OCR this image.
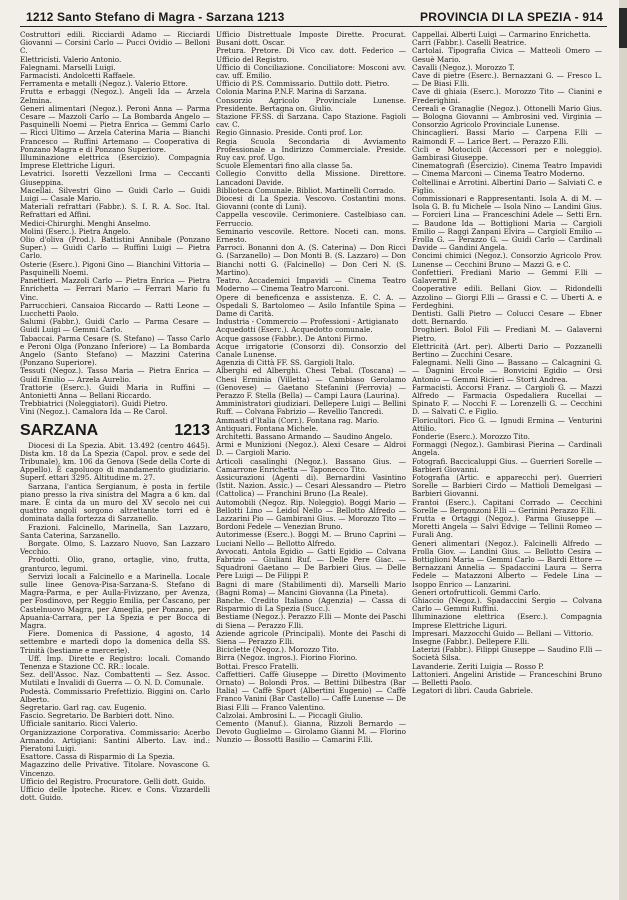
1212 Santo Stefano di Magra - Sarzana 1213	PROVINCIA DI LA SPEZIA - 914

Costruttori edili. Ricciardi Adamo — Ricciardi Giovanni — Corsini Carlo — Pucci Ovidio — Belloni C.

Elettricisti. Valerio Antonio.

Falegnami. Marselli Luigi.

Farmacisti. Andolcetti Raffaele.

Ferramenta e metalli (Negoz.). Valerio Ettore.

Frutta e erbaggi (Negoz.). Angeli Ida — Arzela Zelmina.

Generi alimentari (Negoz.). Peroni Anna — Parma Cesare — Mazzoli Carlo — La Bombarda Angelo — Pasquinelli Noemi — Pietra Enrica — Gemmi Carlo — Ricci Ultimo — Arzela Caterina Maria — Bianchi Francesco — Ruffini Artemano — Cooperativa di Ponzano Magra e di Ponzano Superiore.

Illuminazione elettrica (Esercizio). Compagnia Imprese Elettriche Liguri.

Levatrici. Isoretti Vezzelloni Irma — Ceccanti Giuseppina.

Macellai. Silvestri Gino — Guidi Carlo — Guidi Luigi — Casale Mario.

Materiali refrattari (Fabbr.). S. I. R. A. Soc. Ital. Refrattari ed Affini.

Medici-Chirurghi. Menghi Anselmo.

Molini (Eserc.). Pietra Angelo.

Olio d'oliva (Prod.). Battistini Annibale (Ponzano Super.) — Guidi Carlo — Ruffini Luigi — Pietra Carlo.

Osterie (Eserc.). Pigoni Gino — Bianchini Vittoria — Pasquinelli Noemi.

Panettieri. Mazzoli Carlo — Pietra Enrica — Pietra Enrichetta — Ferrari Mario — Ferrari Mario fu Vinc.

Parrucchieri. Cansaioa Riccardo — Ratti Leone — Lucchetti Paolo.

Salumi (Fabbr.). Guidi Carlo — Parma Cesare — Guidi Luigi — Gemmi Carlo.

Tabaccai. Parma Cesare (S. Stefano) — Tasso Carlo e Peroni Olga (Ponzano Inferiore) — La Bombarda Angelo (Santo Stefano) — Mazzini Caterina (Ponzano Superiore).

Tessuti (Negoz.). Tasso Maria — Pietra Enrica — Guidi Emilio — Arzela Aurelio.

Trattorie (Eserc.). Guidi Maria in Ruffini — Antonietti Anna — Bellani Riccardo.

Trebbiatrici (Noleggiatori). Guidi Pietro.

Vini (Negoz.). Camalora Ida — Re Carol.

SARZANA	1213

Diocesi di La Spezia. Abit. 13.492 (centro 4645). Dista km. 18 da La Spezia (Capol. prov. e sede del Tribunale), km. 106 da Genova (Sede della Corte di Appello). È capoluogo di mandamento giudiziario. Superf. ettari 3295. Altitudine m. 27.

Sarzana, l'antica Sergianum, è posta in fertile piano presso la riva sinistra del Magra a 6 km. dal mare. È cinta da un muro del XV secolo nei cui quattro angoli sorgono altrettante torri ed è dominata dalla fortezza di Sarzanello.

Frazioni. Falcinello, Marinella, San Lazzaro, Santa Caterina, Sarzanello.

Borgate. Olmo, S. Lazzaro Nuovo, San Lazzaro Vecchio.

Prodotti. Olio, grano, ortaglie, vino, frutta, granturco, legumi.

Servizi locali a Falcinello e a Marinella. Locale sulle linee Genova-Pisa-Sarzana-S. Stefano di Magra-Parma, e per Aulla-Fivizzano, per Avenza, per Fosdinovo, per Reggio Emilia, per Cascano, per Castelnuovo Magra, per Ameglia, per Ponzano, per Apuania-Carrara, per La Spezia e per Bocca di Magra.

Fiere. Domenica di Passione, 4 agosto, 14 settembre e martedì dopo la domenica della SS. Trinità (bestiame e mercerie).

Uff. Imp. Dirette e Registro: locali. Comando Tenenza e Stazione CC. RR.: locale.

Sez. dell'Assoc. Naz. Combattenti — Sez. Assoc. Mutilati e Invalidi di Guerra — O. N. D. Comunale.

Podestà. Commissario Prefettizio. Biggini on. Carlo Alberto.

Segretario. Garl rag. cav. Eugenio.

Fascio. Segretario. De Barbieri dott. Nino.

Ufficiale sanitario. Ricci Valerio.

Organizzazione Corporativa. Commissario: Acerbo Armando. Artigiani: Santini Alberto. Lav. ind.: Pieratoni Luigi.

Esattore. Cassa di Risparmio di La Spezia.

Magazzino delle Privative. Titolare. Novascone G. Vincenzo.

Ufficio del Registro. Procuratore. Gelli dott. Guido.

Ufficio delle Ipoteche. Ricev. e Cons. Vizzardelli dott. Guido.

Ufficio Distrettuale Imposte Dirette. Procurat. Busani dott. Oscar.

Pretura. Pretore. Di Vico cav. dott. Federico — Ufficio del Registro.

Ufficio di Conciliazione. Conciliatore: Mosconi avv. cav. uff. Emilio.

Ufficio di P.S. Commissario. Duttilo dott. Pietro.

Colonia Marina P.N.F. Marina di Sarzana.

Consorzio Agricolo Provinciale Lunense. Presidente. Bertagna on. Giulio.

Stazione FF.SS. di Sarzana. Capo Stazione. Fagioli cav. C.

Regio Ginnasio. Preside. Conti prof. Lor.

Regia Scuola Secondaria di Avviamento Professionale a Indirizzo Commerciale. Preside. Ruy cav. prof. Ugo.

Scuole Elementari fino alla classe 5a.

Collegio Convitto della Missione. Direttore. Lancadoni Davide.

Biblioteca Comunale. Bibliot. Martinelli Corrado.

Diocesi di La Spezia. Vescovo. Costantini mons. Giovanni (conte di Luni).

Cappella vescovile. Cerimoniere. Castelbiaso can. Ferruccio.

Seminario vescovile. Rettore. Noceti can. mons. Ernesto.

Parroci. Bonanni don A. (S. Caterina) — Don Ricci G. (Sarzanello) — Don Monti B. (S. Lazzaro) — Don Bianchi notti G. (Falcinello) — Don Ceri N. (S. Martino).

Teatro. Accademici Impavidi — Cinema Teatro Moderno — Cinema Teatro Marconi.

Opere di beneficenza e assistenza. E. C. A. — Ospedali S. Bartolomeo — Asilo Infantile Spina — Dame di Carità.

Industria - Commercio — Professioni - Artigianato

Acquedotti (Eserc.). Acquedotto comunale.

Acque gassose (Fabbr.). De Antoni Firmo.

Acque irrigatorie (Consorzi di). Consorzio del Canale Lunense.

Agenzia di Città FF. SS. Gargioli Italo.

Alberghi ed Alberghi. Chesi Tebal. (Toscana) — Chesi Erminia (Villetta) — Cambiaso Gerolamo (Genovese) — Gaetano Stefanini (Ferrovia) — Perazzo F. Stella (Bella) — Campi Laura (Laurina).

Amministratori giudiziari. Dellepere Luigi — Bellini Ruff. — Colvana Fabrizio — Revellio Tancredi.

Ammasti d'Italia (Corr.). Fontana rag. Mario.

Antiquari. Fontana Michele.

Architetti. Bassano Armando — Saudino Angelo.

Armi e Munizioni (Negoz.). Alexi Cesare — Aldroi D. — Cargioli Mario.

Articoli casalinghi (Negoz.). Bassano Gius. — Camarrone Enrichetta — Taponecco Tito.

Assicurazioni (Agenti di). Bernardini Vasintino (Istit. Nazion. Assic.) — Cesari Alessandro — Pietro (Cattolica) — Franchini Bruno (La Reale).

Automobili (Negoz. Rip. Noleggio). Boggi Mario — Bellotti Lino — Leidol Nello — Bellotto Alfredo — Lazzarini Pio — Gambirani Gius. — Morozzo Tito — Bordoni Fedele — Venezian Bruno.

Autorimesse (Eserc.). Boggi M. — Bruno Caprini — Luciani Nello — Bellotto Alfredo.

Avvocati. Antola Egidio — Gatti Egidio — Colvana Fabrizio — Giuliani Ruf. — Delle Pere Giac. — Squadroni Gaetano — De Barbieri Gius. — Delle Pere Luigi — De Filippi P.

Bagni di mare (Stabilimenti di). Marselli Mario (Bagni Roma) — Mancini Giovanna (La Pineta).

Banche. Credito Italiano (Agenzia) — Cassa di Risparmio di La Spezia (Succ.).

Bestiame (Negoz.). Perazzo F.lli — Monte dei Paschi di Siena — Perazzo F.lli.

Aziende agricole (Principali). Monte dei Paschi di Siena — Perazzo F.lli.

Biciclette (Negoz.). Morozzo Tito.

Birra (Negoz. ingros.). Fiorino Fiorino.

Bottai. Fresco Fratelli.

Caffettieri. Caffè Giuseppe — Diretto (Movimento Ornato) — Bolondi Pros. — Bettini Dilbestra (Bar Italia) — Caffè Sport (Albertini Eugenio) — Caffè Franco Vanini (Bar Castello) — Caffè Lunense — De Biasi F.lli — Franco Valentino.

Calzolai. Ambrosini L. — Piccagli Giulio.

Cemento (Manuf.). Gianna, Rizzoli Bernardo — Devoto Guglielmo — Girolamo Gianni M. — Florino Nunzio — Bossotti Basilio — Camarini F.lli.

Cappellai. Alberti Luigi — Carmarino Enrichetta.

Carri (Fabbr.). Caselli Beatrice.

Cartolai. Tipografia Civica — Matteoli Omero — Gesuè Mario.

Cavalli (Negoz.). Morozzo T.

Cave di pietre (Eserc.). Bernazzani G. — Fresco L. — De Biasi F.lli.

Cave di ghiaia (Eserc.). Morozzo Tito — Cianini e Frederighini.

Cereali e Granaglie (Negoz.). Ottonelli Mario Gius. — Bologna Giovanni — Ambrosini ved. Virginia — Consorzio Agricolo Provinciale Lunense.

Chincaglieri. Bassi Mario — Carpena F.lli — Raimondi F. — Larice Bert. — Perazzo F.lli.

Cicli e Motocicli (Accessori per e noleggio). Gambirasi Giuseppe.

Cinematografi (Esercizio). Cinema Teatro Impavidi — Cinema Marconi — Cinema Teatro Moderno.

Coltellinai e Arrotini. Albertini Dario — Salviati C. e Figlio.

Commissionari e Rappresentanti. Isola A. di M. — Isola G. B. fu Michele — Isola Nino — Landini Gius. — Forcieri Lina — Franceschini Adele — Setti Ern. — Baudone Ida — Bottiglioni Maria — Cargioli Emilio — Raggi Zanpani Elvira — Cargioli Emilio — Frolla G. — Perazzo G. — Guidi Carlo — Cardinali Davide — Gandini Angela.

Concimi chimici (Negoz.). Consorzio Agricolo Prov. Lunense — Cecchini Bruno — Mazzi G. e C.

Confettieri. Fredianì Mario — Gemmi F.lli — Galavermi P.

Cooperative edili. Bellani Giov. — Ridondelli Azzolino — Giorgi F.lli — Grassi e C. — Uberti A. e Ferdeghini.

Dentisti. Galli Pietro — Colucci Cesare — Ebner dott. Bernardo.

Droghieri. Bolol Fili — Fredianì M. — Galaverni Pietro.

Elettricità (Art. per). Alberti Dario — Pozzanelli Bertino — Zucchini Cesare.

Falegnami. Nelli Gino — Bassano — Calcagnini G. — Dagnini Ercole — Bonvicini Egidio — Orsi Antonio — Gemmi Ricieri — Storti Andrea.

Farmacisti. Accorsi Franz. — Cargioli G. — Mazzi Alfredo — Farmacia Ospedaliera Rucellai — Spinato F. — Nocchi F. — Lorenzelli G. — Cecchini D. — Salvati C. e Figlio.

Floricultori. Fico G. — Ignudi Ermina — Venturini Attilio.

Fonderie (Eserc.). Morozzo Tito.

Formaggi (Negoz.). Gambirasi Pierina — Cardinali Angela.

Fotografi. Baccicaluppi Gius. — Guerrieri Sorelle — Barbieri Giovanni.

Fotografia (Artic. e apparecchi per). Guerrieri Sorelle — Barbieri Cirdo — Mattioli Demelgasi — Barbieri Giovanni.

Frantoi (Eserc.). Capitani Corrado — Cecchini Sorelle — Bergonzoni F.lli — Gerinini Perazzo F.lli.

Frutta e Ortaggi (Negoz.). Parma Giuseppe — Moretti Angela — Salvi Edvige — Tellinii Romeo — Furali Ang.

Generi alimentari (Negoz.). Falcinelli Alfredo — Frolla Giov. — Landini Gius. — Bellotto Cesira — Bottiglioni Maria — Gemmi Carlo — Bardi Ettore — Bernazzani Annelia — Spadaccini Laura — Serra Fedele — Matazzoni Alberto — Fedele Lina — Isoppo Enrico — Lanzarini.

Generi ortofrutticoli. Gemmi Carlo.

Ghiaccio (Negoz.). Spadaccini Sergio — Colvana Carlo — Gemmi Ruffini.

Illuminazione elettrica (Eserc.). Compagnia Imprese Elettriche Liguri.

Impresari. Mazzocchi Guido — Bellani — Vittorio.

Insegne (Fabbr.). Dellepere F.lli.

Laterizi (Fabbr.). Filippi Giuseppe — Saudino F.lli — Società Silsa.

Lavanderie. Zeriti Luigia — Rosso P.

Lattonieri. Angelini Aristide — Franceschini Bruno — Belletti Paolo.

Legatori di libri. Cauda Gabriele.
